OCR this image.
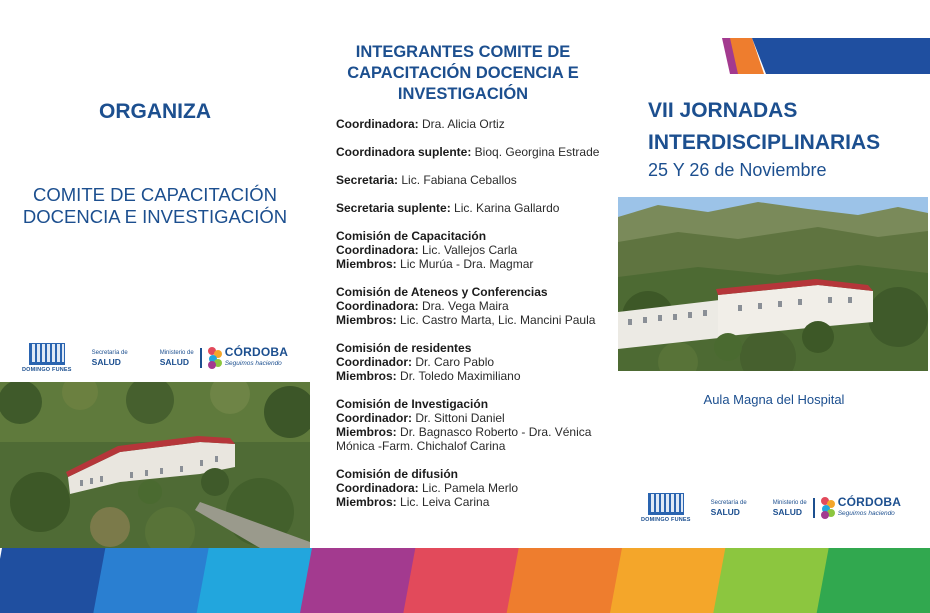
ORGANIZA
COMITE DE CAPACITACIÓN DOCENCIA E INVESTIGACIÓN
DOMINGO FUNES
Secretaría de
SALUD
Ministerio de
SALUD
CÓRDOBA
Seguimos haciendo
INTEGRANTES COMITE DE CAPACITACIÓN DOCENCIA E INVESTIGACIÓN
Coordinadora: Dra. Alicia Ortiz
Coordinadora suplente: Bioq. Georgina Estrade
Secretaria: Lic. Fabiana Ceballos
Secretaria suplente: Lic. Karina Gallardo
Comisión de Capacitación
Coordinadora: Lic. Vallejos Carla
Miembros: Lic Murúa - Dra. Magmar
Comisión de Ateneos y Conferencias
Coordinadora: Dra. Vega Maira
Miembros: Lic. Castro Marta, Lic. Mancini Paula
Comisión de residentes
Coordinador: Dr. Caro Pablo
Miembros: Dr. Toledo Maximiliano
Comisión de Investigación
Coordinador: Dr. Sittoni Daniel
Miembros: Dr. Bagnasco Roberto - Dra. Vénica Mónica -Farm. Chichalof Carina
Comisión de difusión
Coordinadora: Lic. Pamela Merlo
Miembros: Lic. Leiva Carina
VII JORNADAS
INTERDISCIPLINARIAS
25 Y 26 de Noviembre
Aula Magna del Hospital
DOMINGO FUNES
Secretaría de
SALUD
Ministerio de
SALUD
CÓRDOBA
Seguimos haciendo
